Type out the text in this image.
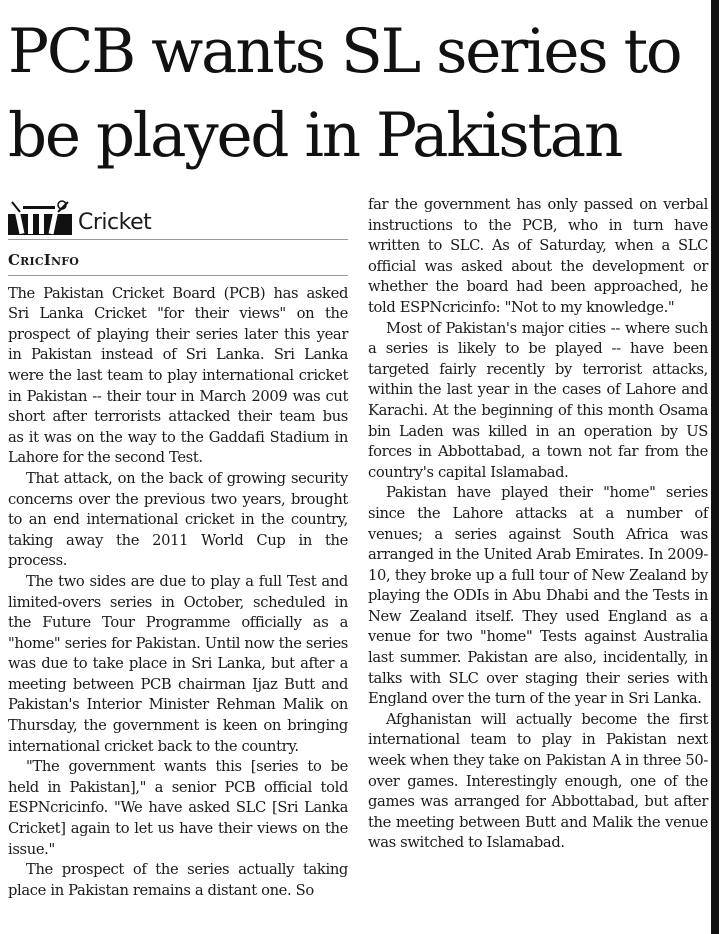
PCB wants SL series to
be played in Pakistan
Cricket
CricInfo

The Pakistan Cricket Board (PCB) has asked Sri Lanka Cricket "for their views" on the prospect of playing their series later this year in Pakistan instead of Sri Lanka. Sri Lanka were the last team to play international cricket in Pakistan -- their tour in March 2009 was cut short after terrorists attacked their team bus as it was on the way to the Gaddafi Stadium in Lahore for the second Test.

That attack, on the back of growing security concerns over the previous two years, brought to an end international cricket in the country, taking away the 2011 World Cup in the process.

The two sides are due to play a full Test and limited-overs series in October, scheduled in the Future Tour Programme officially as a "home" series for Pakistan. Until now the series was due to take place in Sri Lanka, but after a meeting between PCB chairman Ijaz Butt and Pakistan's Interior Minister Rehman Malik on Thursday, the government is keen on bringing international cricket back to the country.

"The government wants this [series to be held in Pakistan]," a senior PCB official told ESPNcricinfo. "We have asked SLC [Sri Lanka Cricket] again to let us have their views on the issue."

The prospect of the series actually taking place in Pakistan remains a distant one. So

far the government has only passed on verbal instructions to the PCB, who in turn have written to SLC. As of Saturday, when a SLC official was asked about the development or whether the board had been approached, he told ESPNcricinfo: "Not to my knowledge."

Most of Pakistan's major cities -- where such a series is likely to be played -- have been targeted fairly recently by terrorist attacks, within the last year in the cases of Lahore and Karachi. At the beginning of this month Osama bin Laden was killed in an operation by US forces in Abbottabad, a town not far from the country's capital Islamabad.

Pakistan have played their "home" series since the Lahore attacks at a number of venues; a series against South Africa was arranged in the United Arab Emirates. In 2009-10, they broke up a full tour of New Zealand by playing the ODIs in Abu Dhabi and the Tests in New Zealand itself. They used England as a venue for two "home" Tests against Australia last summer. Pakistan are also, incidentally, in talks with SLC over staging their series with England over the turn of the year in Sri Lanka.

Afghanistan will actually become the first international team to play in Pakistan next week when they take on Pakistan A in three 50-over games. Interestingly enough, one of the games was arranged for Abbottabad, but after the meeting between Butt and Malik the venue was switched to Islamabad.
